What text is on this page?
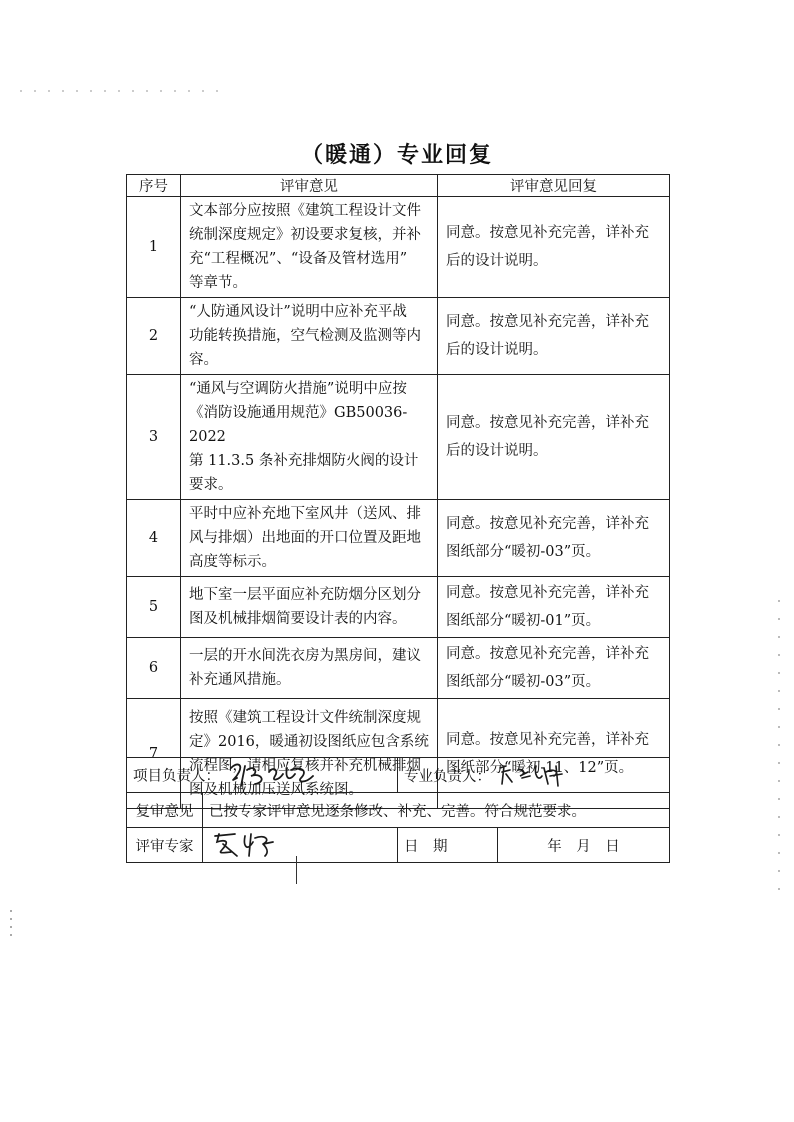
（暖通）专业回复
序号	评审意见	评审意见回复
1	文本部分应按照《建筑工程设计文件
统制深度规定》初设要求复核，并补
充“工程概况”、“设备及管材选用”
等章节。	同意。按意见补充完善，详补充
后的设计说明。
2	“人防通风设计”说明中应补充平战
功能转换措施，空气检测及监测等内
容。	同意。按意见补充完善，详补充
后的设计说明。
3	“通风与空调防火措施”说明中应按
《消防设施通用规范》GB50036-2022
第 11.3.5 条补充排烟防火阀的设计
要求。	同意。按意见补充完善，详补充
后的设计说明。
4	平时中应补充地下室风井（送风、排
风与排烟）出地面的开口位置及距地
高度等标示。	同意。按意见补充完善，详补充
图纸部分“暖初-03”页。
5	地下室一层平面应补充防烟分区划分
图及机械排烟简要设计表的内容。	同意。按意见补充完善，详补充
图纸部分“暖初-01”页。
6	一层的开水间洗衣房为黑房间，建议
补充通风措施。	同意。按意见补充完善，详补充
图纸部分“暖初-03”页。
7	按照《建筑工程设计文件统制深度规
定》2016，暖通初设图纸应包含系统
流程图，请相应复核并补充机械排烟
图及机械加压送风系统图。	同意。按意见补充完善，详补充
图纸部分“暖初-11、12”页。
项目负责人：		专业负责人：	
复审意见	已按专家评审意见逐条修改、补充、完善。符合规范要求。		
评审专家		日　期	年　月　日
